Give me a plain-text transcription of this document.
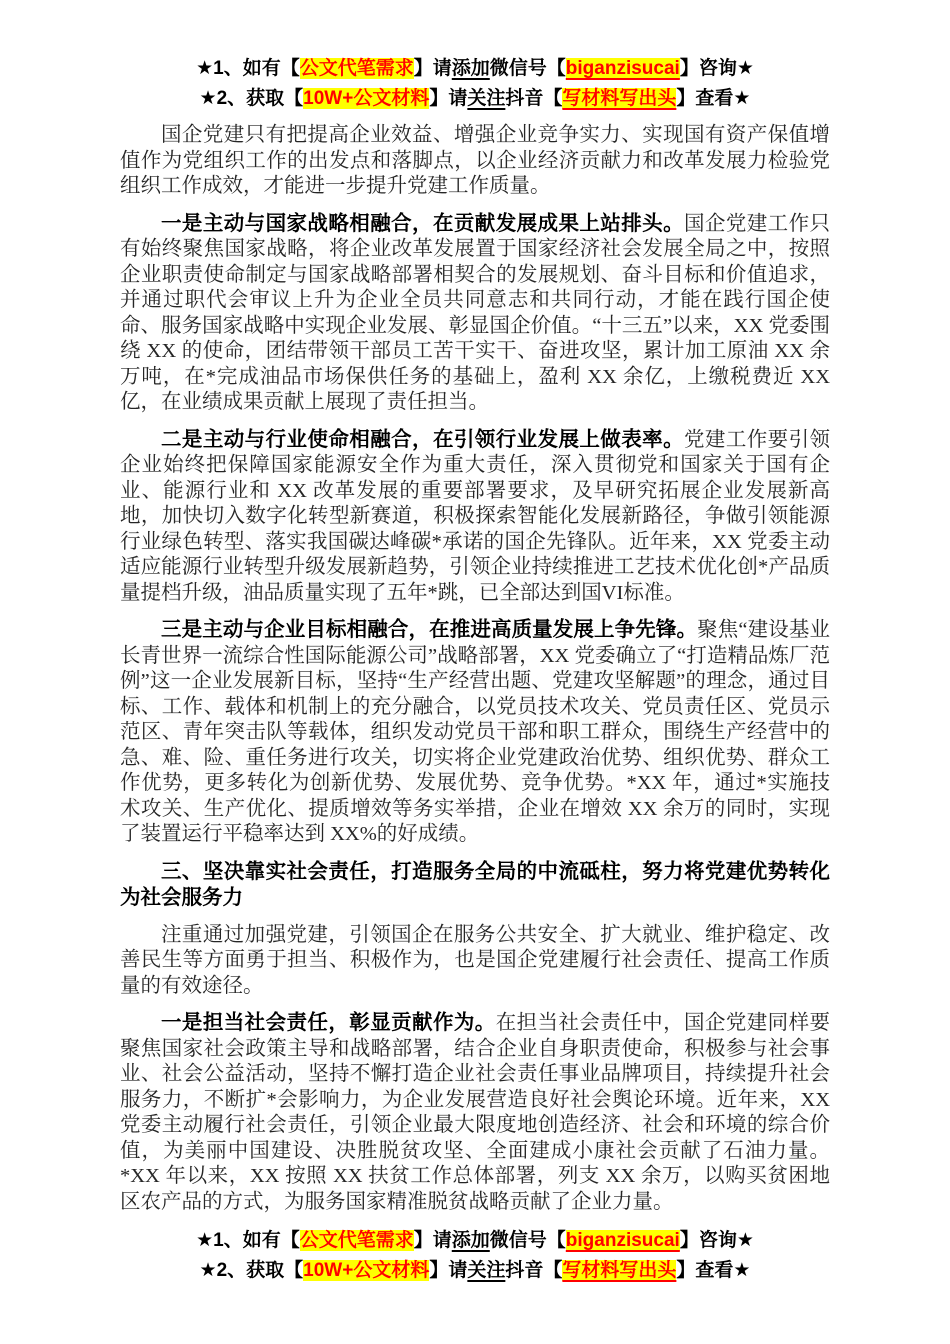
★1、如有【公文代笔需求】请添加微信号【biganzisucai】咨询★
★2、获取【10W+公文材料】请关注抖音【写材料写出头】查看★

国企党建只有把提高企业效益、增强企业竞争实力、实现国有资产保值增值作为党组织工作的出发点和落脚点，以企业经济贡献力和改革发展力检验党组织工作成效，才能进一步提升党建工作质量。

一是主动与国家战略相融合，在贡献发展成果上站排头。国企党建工作只有始终聚焦国家战略，将企业改革发展置于国家经济社会发展全局之中，按照企业职责使命制定与国家战略部署相契合的发展规划、奋斗目标和价值追求，并通过职代会审议上升为企业全员共同意志和共同行动，才能在践行国企使命、服务国家战略中实现企业发展、彰显国企价值。“十三五”以来，XX 党委围绕 XX 的使命，团结带领干部员工苦干实干、奋进攻坚，累计加工原油 XX 余万吨，在*完成油品市场保供任务的基础上，盈利 XX 余亿，上缴税费近 XX 亿，在业绩成果贡献上展现了责任担当。

二是主动与行业使命相融合，在引领行业发展上做表率。党建工作要引领企业始终把保障国家能源安全作为重大责任，深入贯彻党和国家关于国有企业、能源行业和 XX 改革发展的重要部署要求，及早研究拓展企业发展新高地，加快切入数字化转型新赛道，积极探索智能化发展新路径，争做引领能源行业绿色转型、落实我国碳达峰碳*承诺的国企先锋队。近年来，XX 党委主动适应能源行业转型升级发展新趋势，引领企业持续推进工艺技术优化创*产品质量提档升级，油品质量实现了五年*跳，已全部达到国VI标准。

三是主动与企业目标相融合，在推进高质量发展上争先锋。聚焦“建设基业长青世界一流综合性国际能源公司”战略部署，XX 党委确立了“打造精品炼厂范例”这一企业发展新目标，坚持“生产经营出题、党建攻坚解题”的理念，通过目标、工作、载体和机制上的充分融合，以党员技术攻关、党员责任区、党员示范区、青年突击队等载体，组织发动党员干部和职工群众，围绕生产经营中的急、难、险、重任务进行攻关，切实将企业党建政治优势、组织优势、群众工作优势，更多转化为创新优势、发展优势、竞争优势。*XX 年，通过*实施技术攻关、生产优化、提质增效等务实举措，企业在增效 XX 余万的同时，实现了装置运行平稳率达到 XX%的好成绩。

三、坚决靠实社会责任，打造服务全局的中流砥柱，努力将党建优势转化为社会服务力

注重通过加强党建，引领国企在服务公共安全、扩大就业、维护稳定、改善民生等方面勇于担当、积极作为，也是国企党建履行社会责任、提高工作质量的有效途径。

一是担当社会责任，彰显贡献作为。在担当社会责任中，国企党建同样要聚焦国家社会政策主导和战略部署，结合企业自身职责使命，积极参与社会事业、社会公益活动，坚持不懈打造企业社会责任事业品牌项目，持续提升社会服务力，不断扩*会影响力，为企业发展营造良好社会舆论环境。近年来，XX 党委主动履行社会责任，引领企业最大限度地创造经济、社会和环境的综合价值，为美丽中国建设、决胜脱贫攻坚、全面建成小康社会贡献了石油力量。*XX 年以来，XX 按照 XX 扶贫工作总体部署，列支 XX 余万，以购买贫困地区农产品的方式，为服务国家精准脱贫战略贡献了企业力量。

★1、如有【公文代笔需求】请添加微信号【biganzisucai】咨询★
★2、获取【10W+公文材料】请关注抖音【写材料写出头】查看★
